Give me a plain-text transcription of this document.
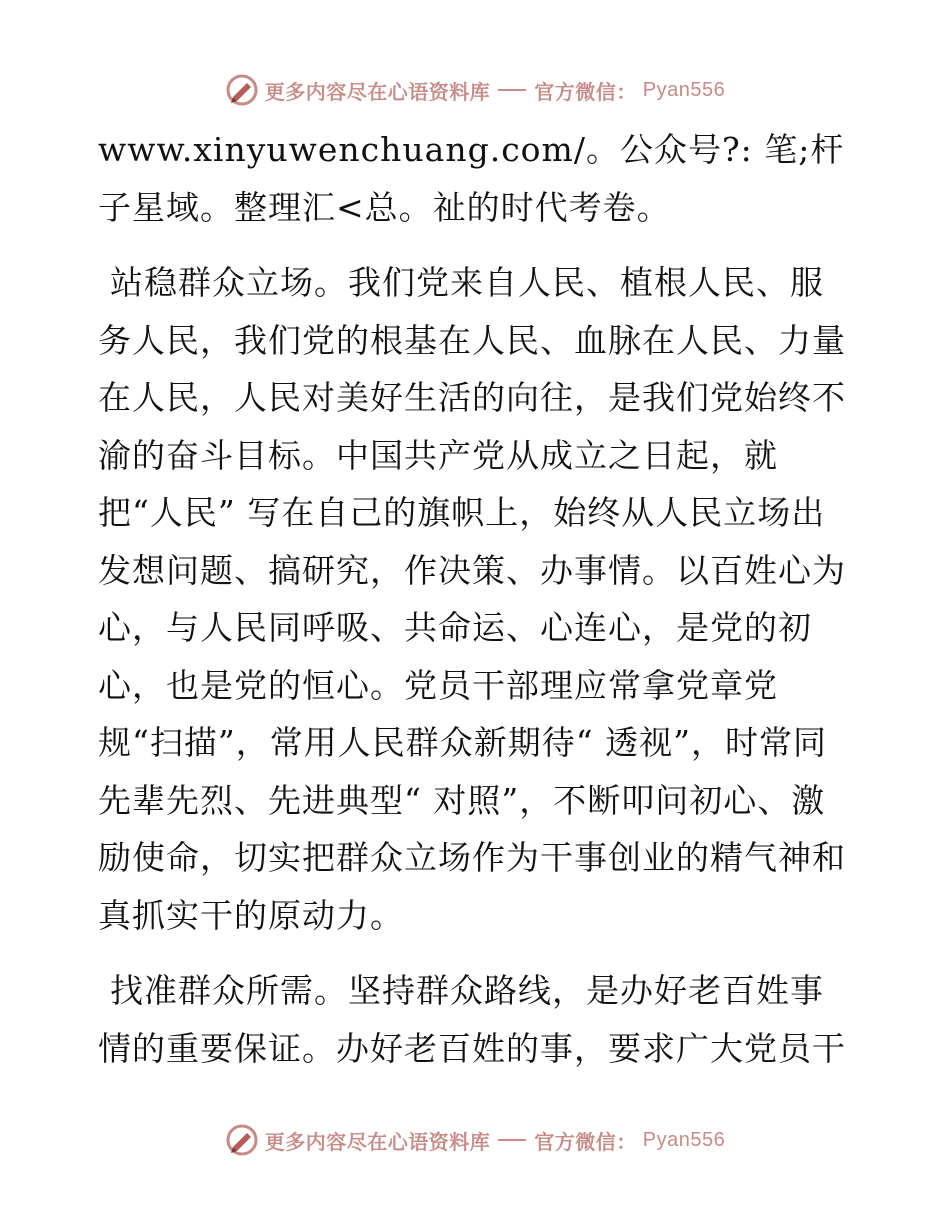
更多内容尽在心语资料库 官方微信： Pyan556

www.xinyuwenchuang.com/。公众号?: 笔;杆子星域。整理汇<总。祉的时代考卷。

站稳群众立场。我们党来自人民、植根人民、服务人民，我们党的根基在人民、血脉在人民、力量在人民，人民对美好生活的向往，是我们党始终不渝的奋斗目标。中国共产党从成立之日起，就把“人民” 写在自己的旗帜上，始终从人民立场出发想问题、搞研究，作决策、办事情。以百姓心为心，与人民同呼吸、共命运、心连心，是党的初心，也是党的恒心。党员干部理应常拿党章党规“扫描”，常用人民群众新期待“ 透视”，时常同先辈先烈、先进典型“ 对照”，不断叩问初心、激励使命，切实把群众立场作为干事创业的精气神和真抓实干的原动力。

找准群众所需。坚持群众路线，是办好老百姓事情的重要保证。办好老百姓的事，要求广大党员干

更多内容尽在心语资料库 官方微信： Pyan556
